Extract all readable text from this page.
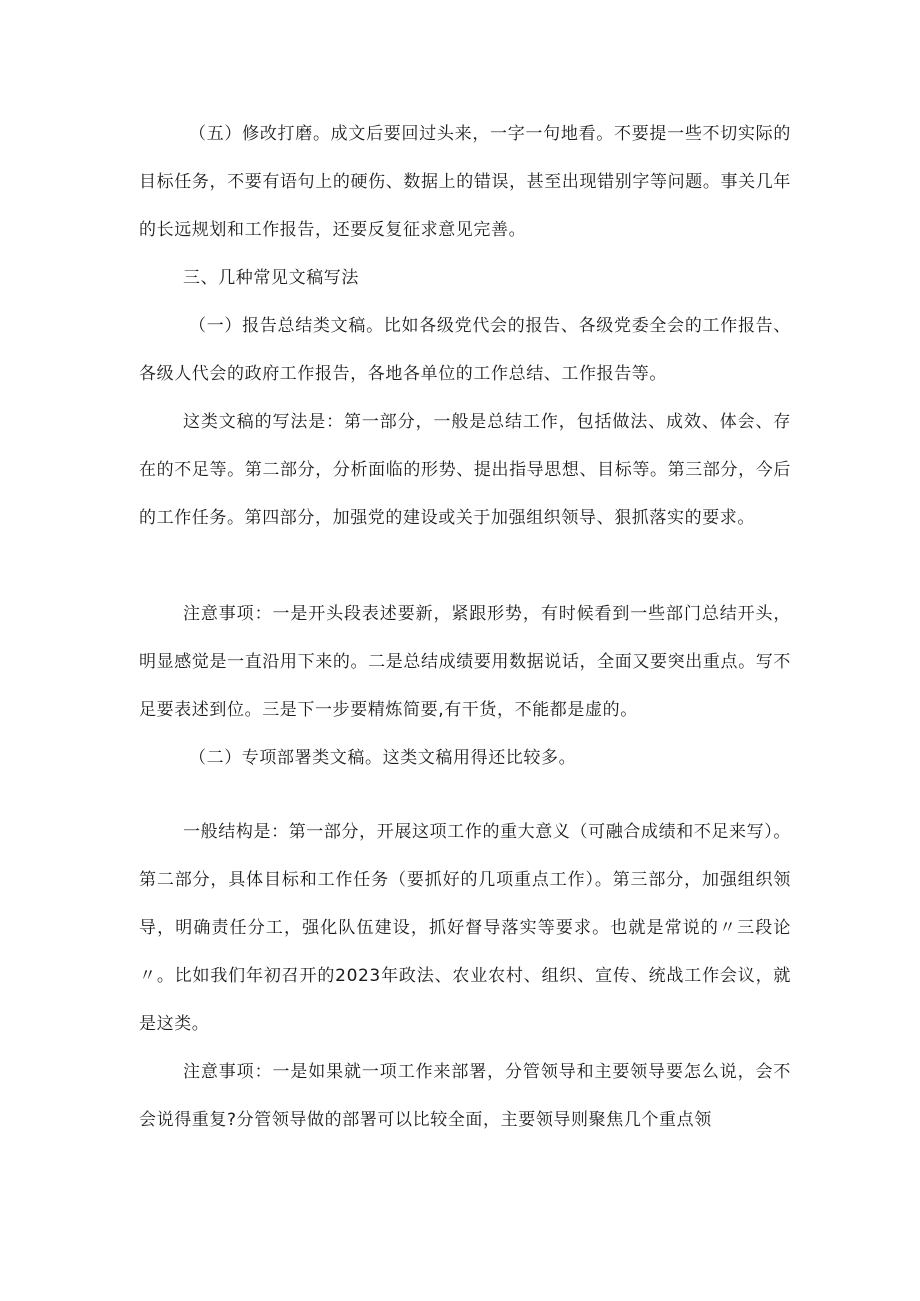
（五）修改打磨。成文后要回过头来，一字一句地看。不要提一些不切实际的目标任务，不要有语句上的硬伤、数据上的错误，甚至出现错别字等问题。事关几年的长远规划和工作报告，还要反复征求意见完善。

三、几种常见文稿写法

（一）报告总结类文稿。比如各级党代会的报告、各级党委全会的工作报告、各级人代会的政府工作报告，各地各单位的工作总结、工作报告等。

这类文稿的写法是：第一部分，一般是总结工作，包括做法、成效、体会、存在的不足等。第二部分，分析面临的形势、提出指导思想、目标等。第三部分，今后的工作任务。第四部分，加强党的建设或关于加强组织领导、狠抓落实的要求。

注意事项：一是开头段表述要新，紧跟形势，有时候看到一些部门总结开头，明显感觉是一直沿用下来的。二是总结成绩要用数据说话，全面又要突出重点。写不足要表述到位。三是下一步要精炼简要,有干货，不能都是虚的。

（二）专项部署类文稿。这类文稿用得还比较多。

一般结构是：第一部分，开展这项工作的重大意义（可融合成绩和不足来写）。第二部分，具体目标和工作任务（要抓好的几项重点工作）。第三部分，加强组织领导，明确责任分工，强化队伍建设，抓好督导落实等要求。也就是常说的〃三段论〃。比如我们年初召开的2023年政法、农业农村、组织、宣传、统战工作会议，就是这类。

注意事项：一是如果就一项工作来部署，分管领导和主要领导要怎么说，会不会说得重复?分管领导做的部署可以比较全面，主要领导则聚焦几个重点领
